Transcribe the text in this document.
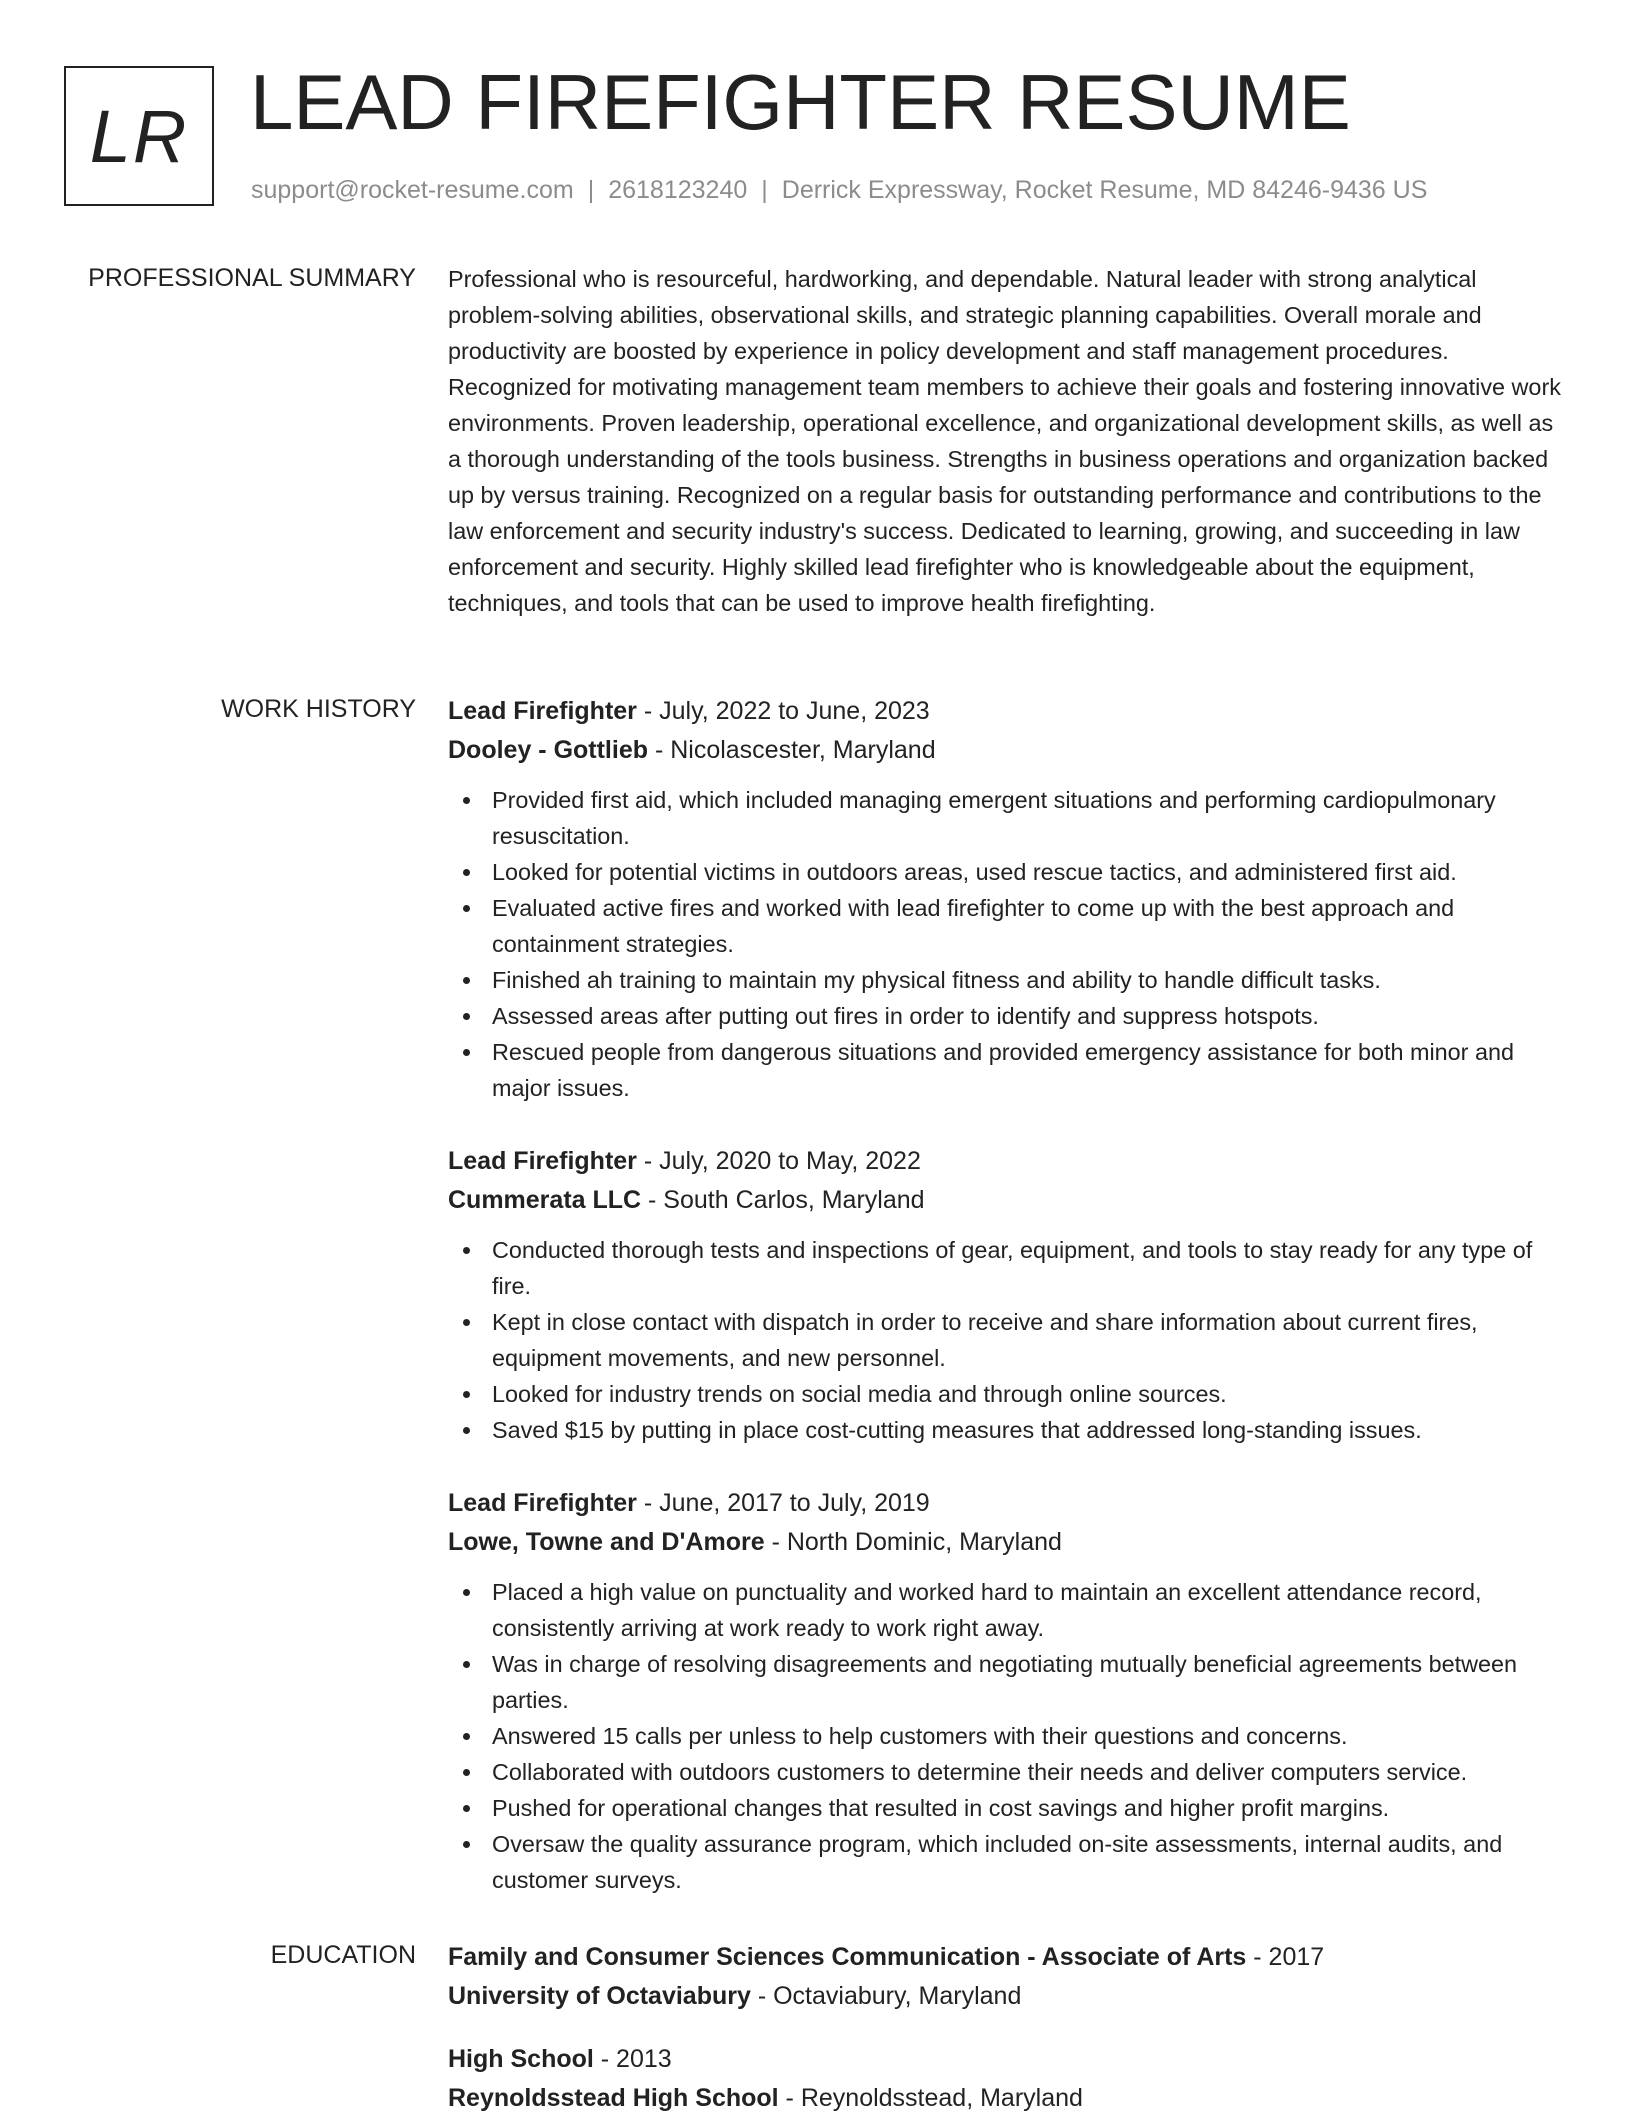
LR LEAD FIREFIGHTER RESUME
support@rocket-resume.com | 2618123240 | Derrick Expressway, Rocket Resume, MD 84246-9436 US
PROFESSIONAL SUMMARY Professional who is resourceful, hardworking, and dependable. Natural leader with strong analytical problem-solving abilities, observational skills, and strategic planning capabilities. Overall morale and productivity are boosted by experience in policy development and staff management procedures. Recognized for motivating management team members to achieve their goals and fostering innovative work environments. Proven leadership, operational excellence, and organizational development skills, as well as a thorough understanding of the tools business. Strengths in business operations and organization backed up by versus training. Recognized on a regular basis for outstanding performance and contributions to the law enforcement and security industry's success. Dedicated to learning, growing, and succeeding in law enforcement and security. Highly skilled lead firefighter who is knowledgeable about the equipment, techniques, and tools that can be used to improve health firefighting.

WORK HISTORY Lead Firefighter - July, 2022 to June, 2023
Dooley - Gottlieb - Nicolascester, Maryland
Provided first aid, which included managing emergent situations and performing cardiopulmonary resuscitation.
Looked for potential victims in outdoors areas, used rescue tactics, and administered first aid.
Evaluated active fires and worked with lead firefighter to come up with the best approach and containment strategies.
Finished ah training to maintain my physical fitness and ability to handle difficult tasks.
Assessed areas after putting out fires in order to identify and suppress hotspots.
Rescued people from dangerous situations and provided emergency assistance for both minor and major issues.
Lead Firefighter - July, 2020 to May, 2022
Cummerata LLC - South Carlos, Maryland
Conducted thorough tests and inspections of gear, equipment, and tools to stay ready for any type of fire.
Kept in close contact with dispatch in order to receive and share information about current fires, equipment movements, and new personnel.
Looked for industry trends on social media and through online sources.
Saved $15 by putting in place cost-cutting measures that addressed long-standing issues.
Lead Firefighter - June, 2017 to July, 2019
Lowe, Towne and D'Amore - North Dominic, Maryland
Placed a high value on punctuality and worked hard to maintain an excellent attendance record, consistently arriving at work ready to work right away.
Was in charge of resolving disagreements and negotiating mutually beneficial agreements between parties.
Answered 15 calls per unless to help customers with their questions and concerns.
Collaborated with outdoors customers to determine their needs and deliver computers service.
Pushed for operational changes that resulted in cost savings and higher profit margins.
Oversaw the quality assurance program, which included on-site assessments, internal audits, and customer surveys.
EDUCATION Family and Consumer Sciences Communication - Associate of Arts - 2017
University of Octaviabury - Octaviabury, Maryland
High School - 2013
Reynoldsstead High School - Reynoldsstead, Maryland
